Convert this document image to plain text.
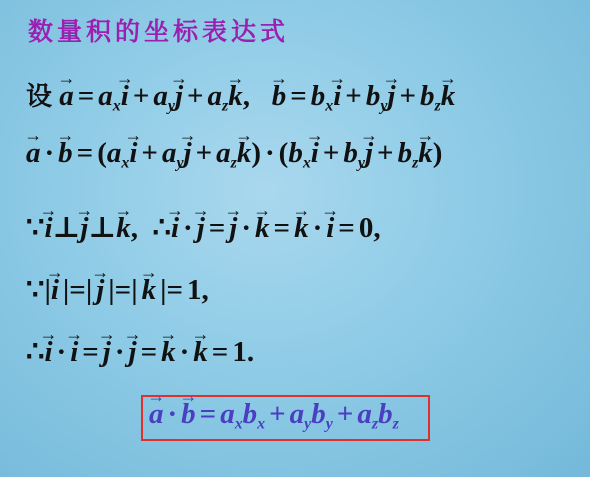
数量积的坐标表达式
设 → $a = a_x\to i + a_y\to j + a_z\to k$,   → $b = b_x\to i + b_y\to j + b_z\to k$
→ $a \cdot\to b = (a_x\to i + a_y\to j + a_z\to k) \cdot (b_x\to i + b_y\to j + b_z\to k)$
∵→ i⊥→ j⊥→ k,  ∴→ i ·→ j =→ j ·→ k =→ k ·→ i = 0,
∵|→ i |=|→ j |=|→ k |= 1,
∴→ i ·→ i =→ j ·→ j =→ k ·→ k = 1.
→ $a \cdot\to b = a_xb_x + a_yb_y + a_zb_z$
